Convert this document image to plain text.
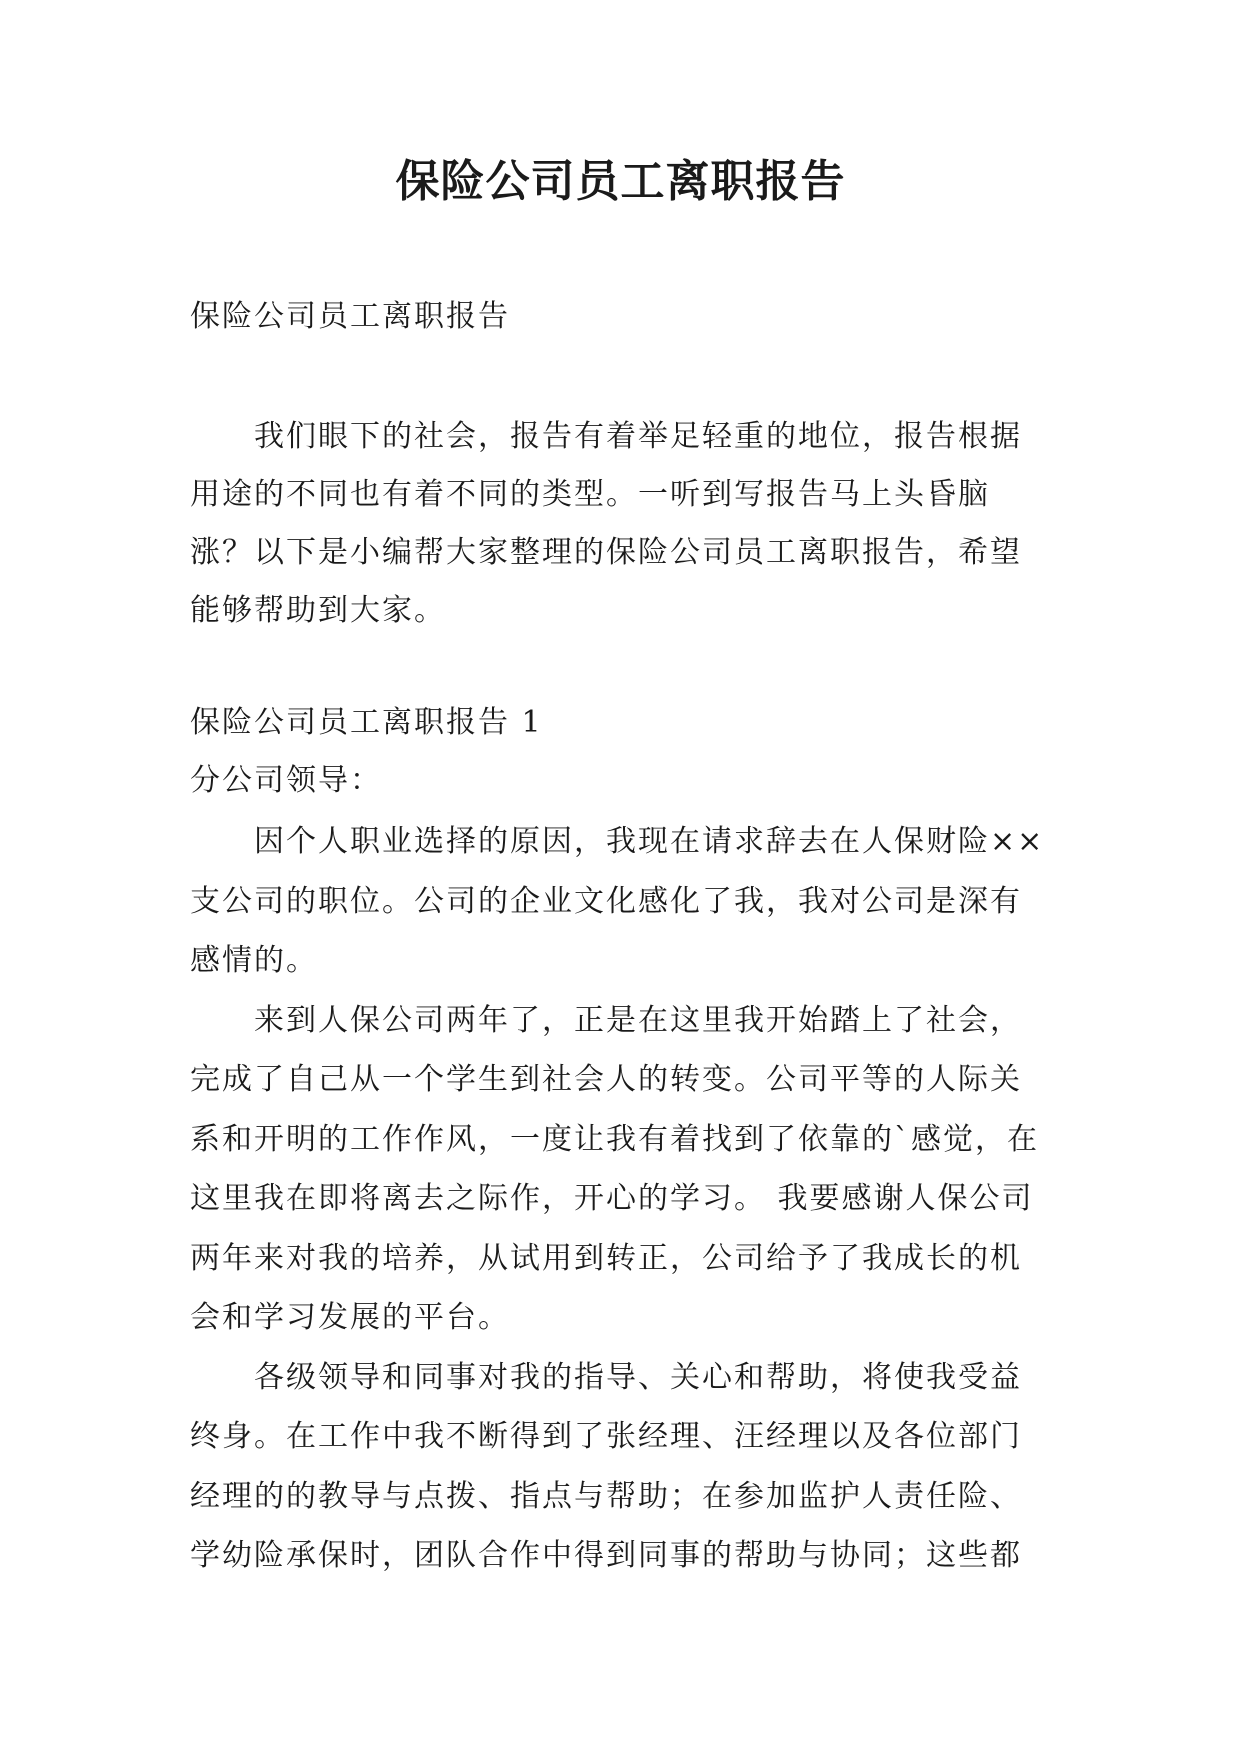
保险公司员工离职报告

保险公司员工离职报告

我们眼下的社会，报告有着举足轻重的地位，报告根据用途的不同也有着不同的类型。一听到写报告马上头昏脑涨？以下是小编帮大家整理的保险公司员工离职报告，希望能够帮助到大家。

保险公司员工离职报告 1

分公司领导：

因个人职业选择的原因，我现在请求辞去在人保财险××支公司的职位。公司的企业文化感化了我，我对公司是深有感情的。

来到人保公司两年了，正是在这里我开始踏上了社会，完成了自己从一个学生到社会人的转变。公司平等的人际关系和开明的工作作风，一度让我有着找到了依靠的`感觉，在这里我在即将离去之际作，开心的学习。 我要感谢人保公司两年来对我的培养，从试用到转正，公司给予了我成长的机会和学习发展的平台。

各级领导和同事对我的指导、关心和帮助，将使我受益终身。在工作中我不断得到了张经理、汪经理以及各位部门经理的的教导与点拨、指点与帮助；在参加监护人责任险、学幼险承保时，团队合作中得到同事的帮助与协同；这些都
